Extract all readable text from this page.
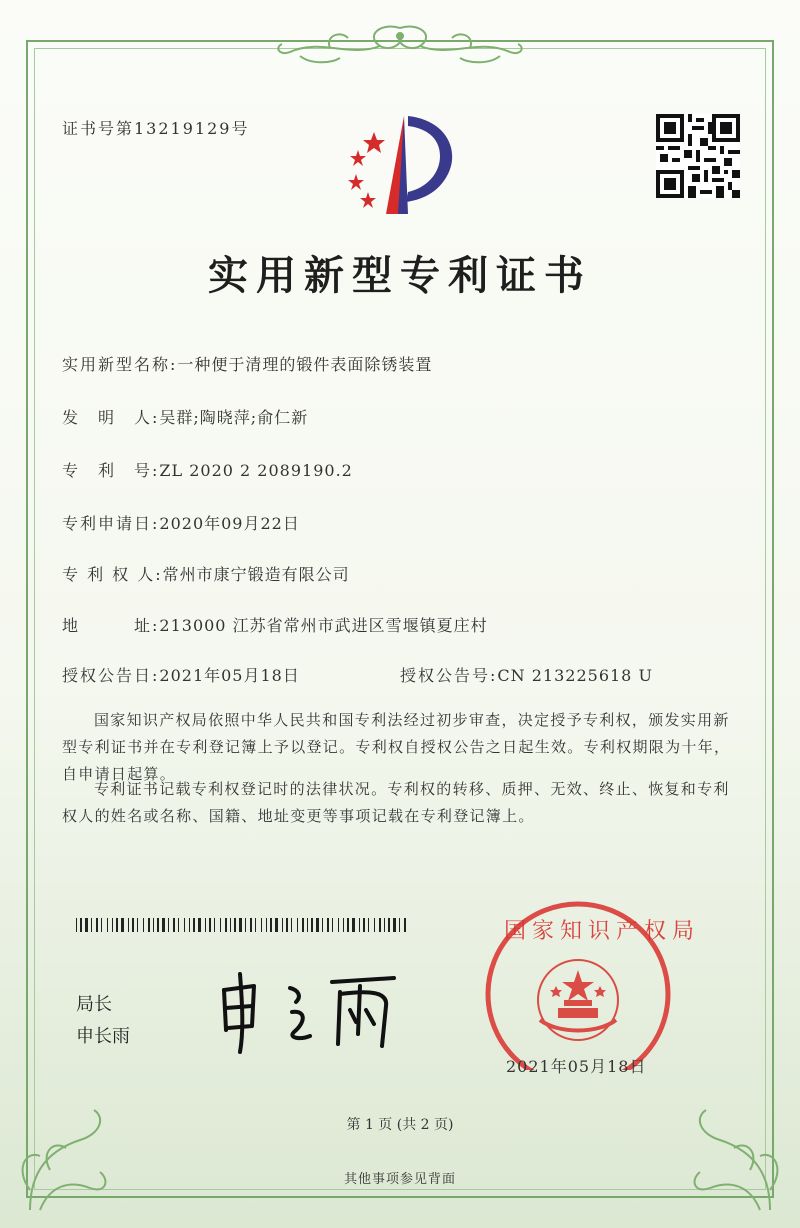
证书号第13219129号
实用新型专利证书
实用新型名称:一种便于清理的锻件表面除锈装置
发　明　人:吴群;陶晓萍;俞仁新
专　利　号:ZL 2020 2 2089190.2
专利申请日:2020年09月22日
专 利 权 人:常州市康宁锻造有限公司
地　　　址:213000 江苏省常州市武进区雪堰镇夏庄村
授权公告日:2021年05月18日	授权公告号:CN 213225618 U
国家知识产权局依照中华人民共和国专利法经过初步审查，决定授予专利权，颁发实用新型专利证书并在专利登记簿上予以登记。专利权自授权公告之日起生效。专利权期限为十年，自申请日起算。
专利证书记载专利权登记时的法律状况。专利权的转移、质押、无效、终止、恢复和专利权人的姓名或名称、国籍、地址变更等事项记载在专利登记簿上。
局长
申长雨
国家知识产权局
2021年05月18日
第 1 页 (共 2 页)
其他事项参见背面
